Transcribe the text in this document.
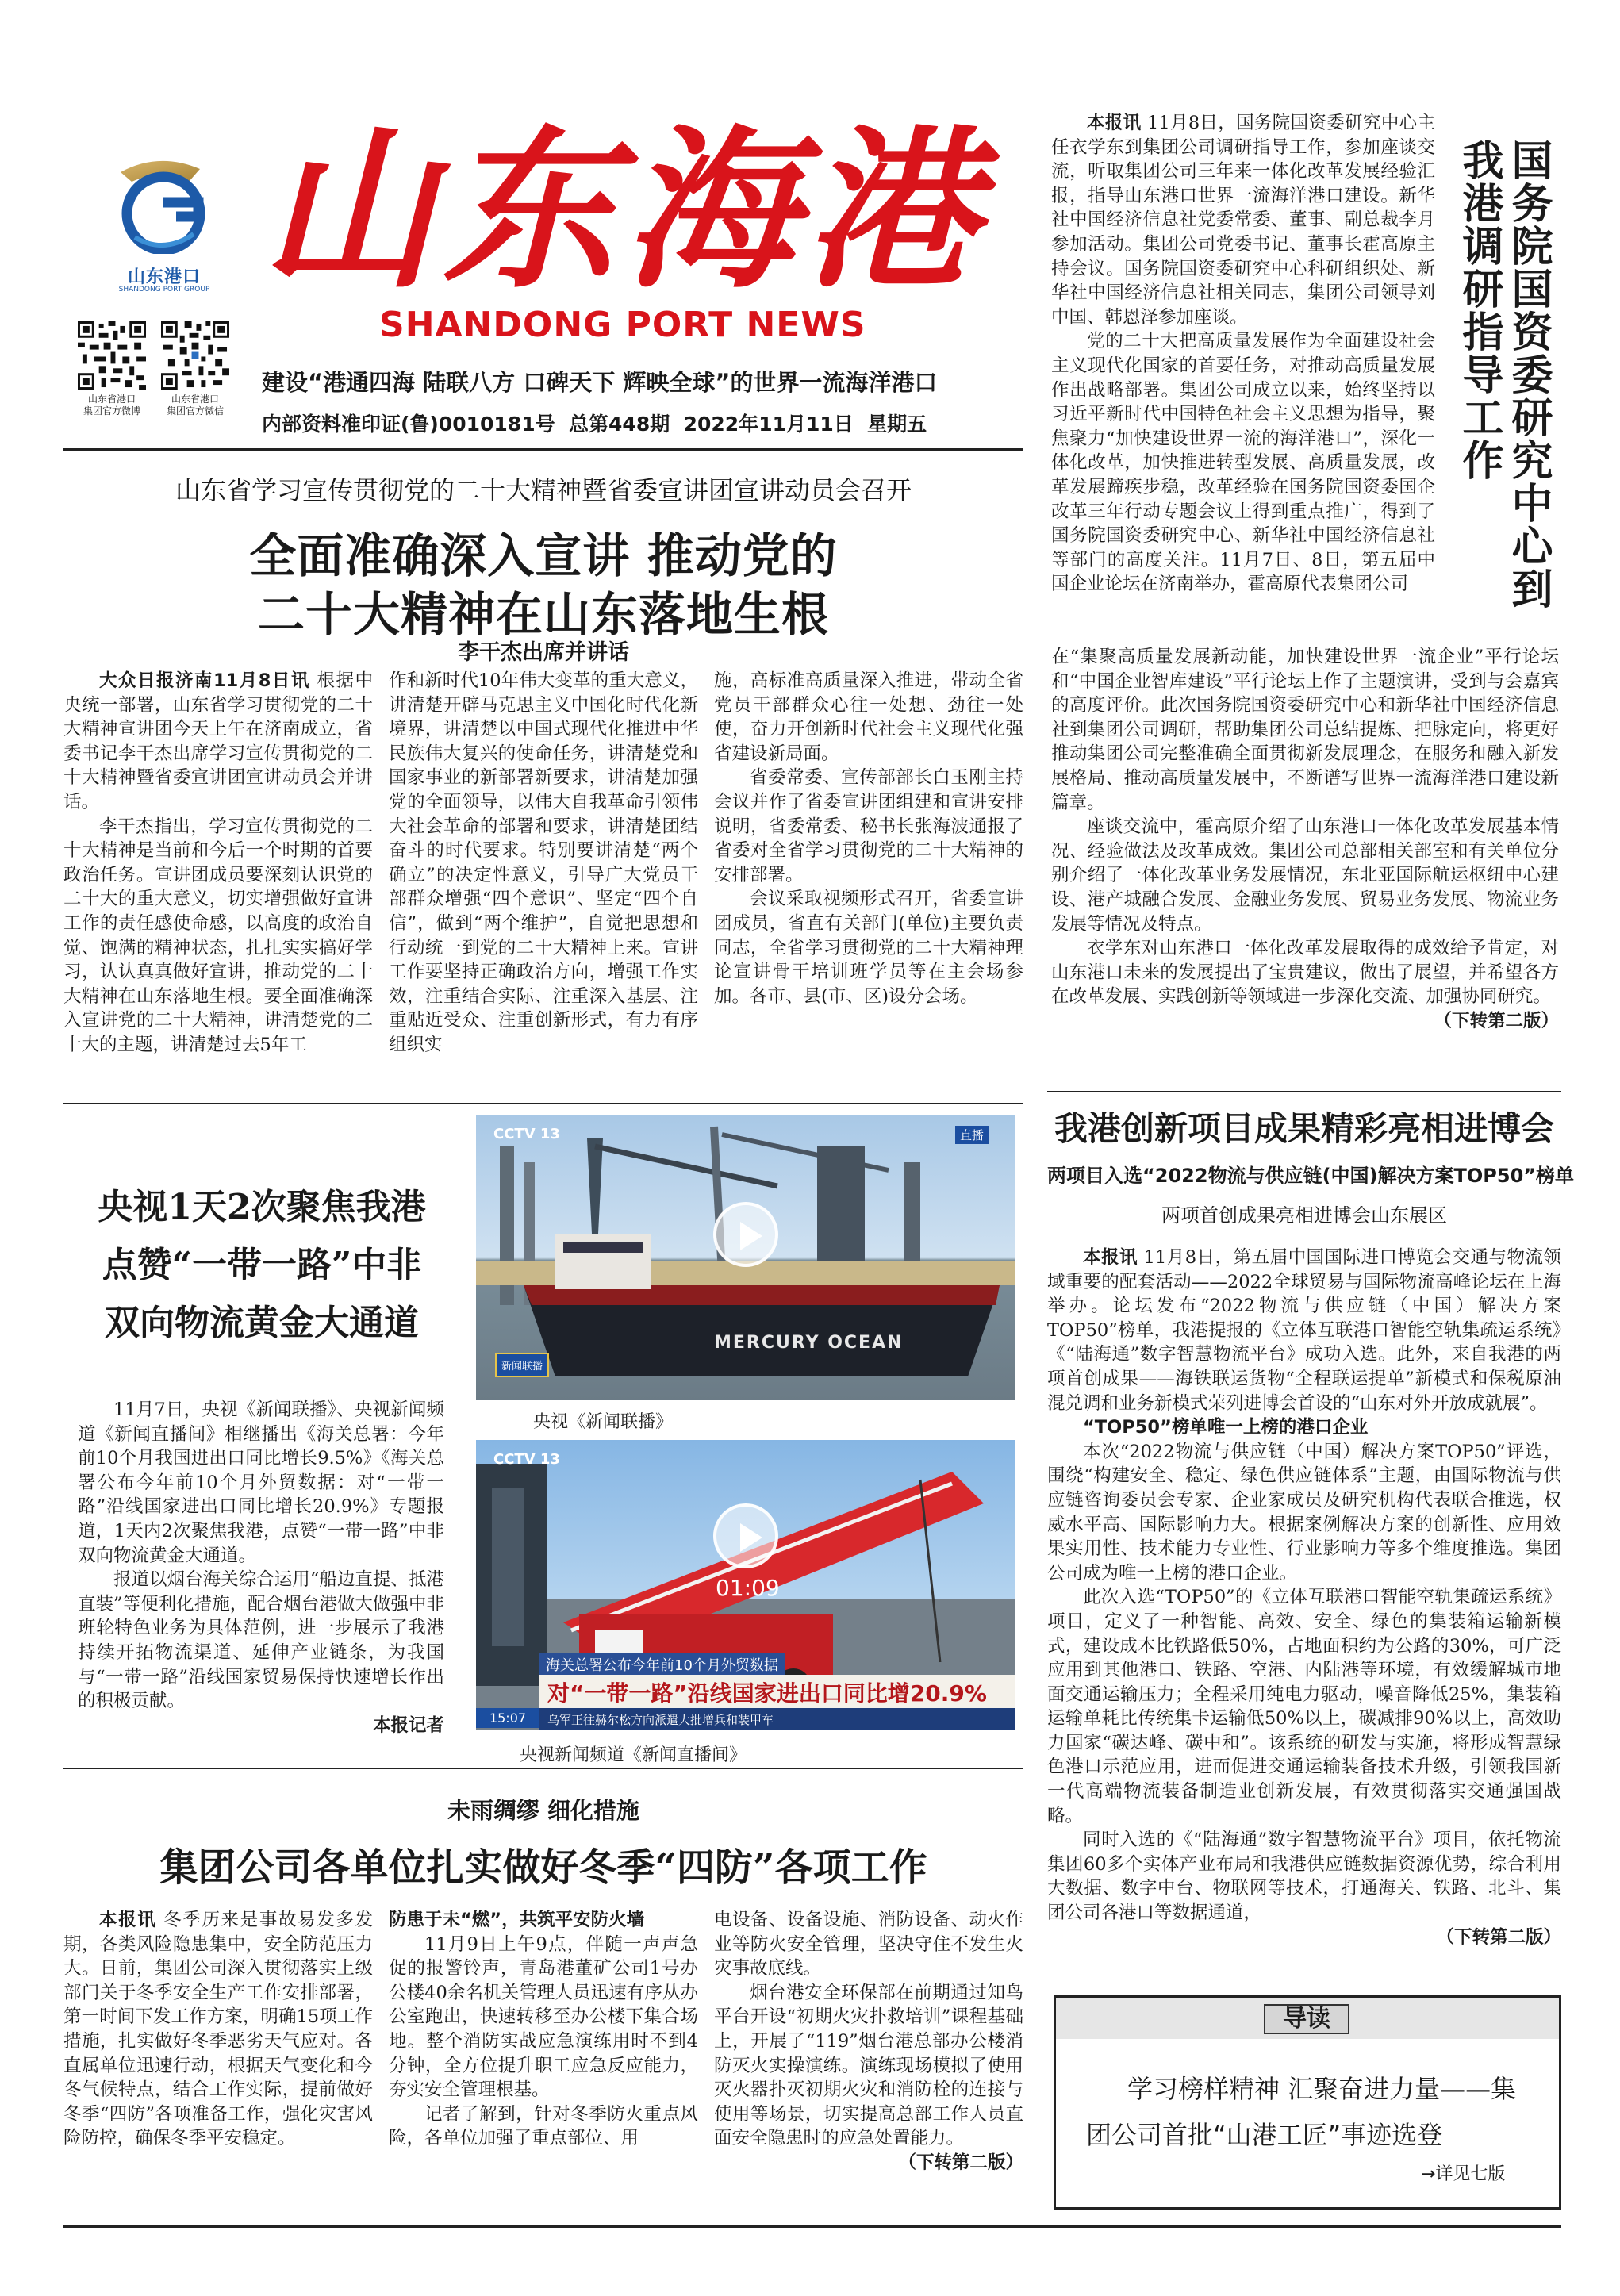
山东港口
SHANDONG PORT GROUP 山东海港
SHANDONG PORT NEWS
山东省港口
集团官方微博
山东省港口
集团官方微信
建设“港通四海 陆联八方 口碑天下 辉映全球”的世界一流海洋港口
内部资料准印证(鲁)0010181号  总第448期  2022年11月11日  星期五
山东省学习宣传贯彻党的二十大精神暨省委宣讲团宣讲动员会召开
全面准确深入宣讲 推动党的
二十大精神在山东落地生根
李干杰出席并讲话

大众日报济南11月8日讯 根据中央统一部署，山东省学习贯彻党的二十大精神宣讲团今天上午在济南成立，省委书记李干杰出席学习宣传贯彻党的二十大精神暨省委宣讲团宣讲动员会并讲话。

李干杰指出，学习宣传贯彻党的二十大精神是当前和今后一个时期的首要政治任务。宣讲团成员要深刻认识党的二十大的重大意义，切实增强做好宣讲工作的责任感使命感，以高度的政治自觉、饱满的精神状态，扎扎实实搞好学习，认认真真做好宣讲，推动党的二十大精神在山东落地生根。要全面准确深入宣讲党的二十大精神，讲清楚党的二十大的主题，讲清楚过去5年工

作和新时代10年伟大变革的重大意义，讲清楚开辟马克思主义中国化时代化新境界，讲清楚以中国式现代化推进中华民族伟大复兴的使命任务，讲清楚党和国家事业的新部署新要求，讲清楚加强党的全面领导，以伟大自我革命引领伟大社会革命的部署和要求，讲清楚团结奋斗的时代要求。特别要讲清楚“两个确立”的决定性意义，引导广大党员干部群众增强“四个意识”、坚定“四个自信”，做到“两个维护”，自觉把思想和行动统一到党的二十大精神上来。宣讲工作要坚持正确政治方向，增强工作实效，注重结合实际、注重深入基层、注重贴近受众、注重创新形式，有力有序组织实

施，高标准高质量深入推进，带动全省党员干部群众心往一处想、劲往一处使，奋力开创新时代社会主义现代化强省建设新局面。

省委常委、宣传部部长白玉刚主持会议并作了省委宣讲团组建和宣讲安排说明，省委常委、秘书长张海波通报了省委对全省学习贯彻党的二十大精神的安排部署。

会议采取视频形式召开，省委宣讲团成员，省直有关部门(单位)主要负责同志，全省学习贯彻党的二十大精神理论宣讲骨干培训班学员等在主会场参加。各市、县(市、区)设分会场。

本报讯 11月8日，国务院国资委研究中心主任衣学东到集团公司调研指导工作，参加座谈交流，听取集团公司三年来一体化改革发展经验汇报，指导山东港口世界一流海洋港口建设。新华社中国经济信息社党委常委、董事、副总裁李月参加活动。集团公司党委书记、董事长霍高原主持会议。国务院国资委研究中心科研组织处、新华社中国经济信息社相关同志，集团公司领导刘中国、韩恩泽参加座谈。

党的二十大把高质量发展作为全面建设社会主义现代化国家的首要任务，对推动高质量发展作出战略部署。集团公司成立以来，始终坚持以习近平新时代中国特色社会主义思想为指导，聚焦聚力“加快建设世界一流的海洋港口”，深化一体化改革，加快推进转型发展、高质量发展，改革发展蹄疾步稳，改革经验在国务院国资委国企改革三年行动专题会议上得到重点推广，得到了国务院国资委研究中心、新华社中国经济信息社等部门的高度关注。11月7日、8日，第五届中国企业论坛在济南举办，霍高原代表集团公司	国务院国资委研究中心到我港调研指导工作

在“集聚高质量发展新动能，加快建设世界一流企业”平行论坛和“中国企业智库建设”平行论坛上作了主题演讲，受到与会嘉宾的高度评价。此次国务院国资委研究中心和新华社中国经济信息社到集团公司调研，帮助集团公司总结提炼、把脉定向，将更好推动集团公司完整准确全面贯彻新发展理念，在服务和融入新发展格局、推动高质量发展中，不断谱写世界一流海洋港口建设新篇章。

座谈交流中，霍高原介绍了山东港口一体化改革发展基本情况、经验做法及改革成效。集团公司总部相关部室和有关单位分别介绍了一体化改革业务发展情况，东北亚国际航运枢纽中心建设、港产城融合发展、金融业务发展、贸易业务发展、物流业务发展等情况及特点。

衣学东对山东港口一体化改革发展取得的成效给予肯定，对山东港口未来的发展提出了宝贵建议，做出了展望，并希望各方在改革发展、实践创新等领域进一步深化交流、加强协同研究。

（下转第二版）

央视1天2次聚焦我港
点赞“一带一路”中非
双向物流黄金大通道

11月7日，央视《新闻联播》、央视新闻频道《新闻直播间》相继播出《海关总署：今年前10个月我国进出口同比增长9.5%》《海关总署公布今年前10个月外贸数据：对“一带一路”沿线国家进出口同比增长20.9%》专题报道，1天内2次聚焦我港，点赞“一带一路”中非双向物流黄金大通道。

报道以烟台海关综合运用“船边直提、抵港直装”等便利化措施，配合烟台港做大做强中非班轮特色业务为具体范例，进一步展示了我港持续开拓物流渠道、延伸产业链条，为我国与“一带一路”沿线国家贸易保持快速增长作出的积极贡献。

本报记者

CCTV 13	直播
MERCURY OCEAN
新闻联播
央视《新闻联播》
CCTV 13
01:09
海关总署公布今年前10个月外贸数据
对“一带一路”沿线国家进出口同比增20.9%
15:07	乌军正往赫尔松方向派遣大批增兵和装甲车
央视新闻频道《新闻直播间》
我港创新项目成果精彩亮相进博会
两项目入选“2022物流与供应链(中国)解决方案TOP50”榜单
两项首创成果亮相进博会山东展区

本报讯 11月8日，第五届中国国际进口博览会交通与物流领域重要的配套活动——2022全球贸易与国际物流高峰论坛在上海举办。论坛发布“2022物流与供应链（中国）解决方案TOP50”榜单，我港提报的《立体互联港口智能空轨集疏运系统》《“陆海通”数字智慧物流平台》成功入选。此外，来自我港的两项首创成果——海铁联运货物“全程联运提单”新模式和保税原油混兑调和业务新模式荣列进博会首设的“山东对外开放成就展”。

“TOP50”榜单唯一上榜的港口企业

本次“2022物流与供应链（中国）解决方案TOP50”评选，围绕“构建安全、稳定、绿色供应链体系”主题，由国际物流与供应链咨询委员会专家、企业家成员及研究机构代表联合推选，权威水平高、国际影响力大。根据案例解决方案的创新性、应用效果实用性、技术能力专业性、行业影响力等多个维度推选。集团公司成为唯一上榜的港口企业。

此次入选“TOP50”的《立体互联港口智能空轨集疏运系统》项目，定义了一种智能、高效、安全、绿色的集装箱运输新模式，建设成本比铁路低50%，占地面积约为公路的30%，可广泛应用到其他港口、铁路、空港、内陆港等环境，有效缓解城市地面交通运输压力；全程采用纯电力驱动，噪音降低25%，集装箱运输单耗比传统集卡运输低50%以上，碳减排90%以上，高效助力国家“碳达峰、碳中和”。该系统的研发与实施，将形成智慧绿色港口示范应用，进而促进交通运输装备技术升级，引领我国新一代高端物流装备制造业创新发展，有效贯彻落实交通强国战略。

同时入选的《“陆海通”数字智慧物流平台》项目，依托物流集团60多个实体产业布局和我港供应链数据资源优势，综合利用大数据、数字中台、物联网等技术，打通海关、铁路、北斗、集团公司各港口等数据通道，

（下转第二版）

未雨绸缪 细化措施
集团公司各单位扎实做好冬季“四防”各项工作

本报讯 冬季历来是事故易发多发期，各类风险隐患集中，安全防范压力大。日前，集团公司深入贯彻落实上级部门关于冬季安全生产工作安排部署，第一时间下发工作方案，明确15项工作措施，扎实做好冬季恶劣天气应对。各直属单位迅速行动，根据天气变化和今冬气候特点，结合工作实际，提前做好冬季“四防”各项准备工作，强化灾害风险防控，确保冬季平安稳定。

防患于未“燃”，共筑平安防火墙

11月9日上午9点，伴随一声声急促的报警铃声，青岛港董矿公司1号办公楼40余名机关管理人员迅速有序从办公室跑出，快速转移至办公楼下集合场地。整个消防实战应急演练用时不到4分钟，全方位提升职工应急反应能力，夯实安全管理根基。

记者了解到，针对冬季防火重点风险，各单位加强了重点部位、用

电设备、设备设施、消防设备、动火作业等防火安全管理，坚决守住不发生火灾事故底线。

烟台港安全环保部在前期通过知鸟平台开设“初期火灾扑救培训”课程基础上，开展了“119”烟台港总部办公楼消防灭火实操演练。演练现场模拟了使用灭火器扑灭初期火灾和消防栓的连接与使用等场景，切实提高总部工作人员直面安全隐患时的应急处置能力。

（下转第二版）

导读
学习榜样精神 汇聚奋进力量——集
团公司首批“山港工匠”事迹选登
→详见七版
